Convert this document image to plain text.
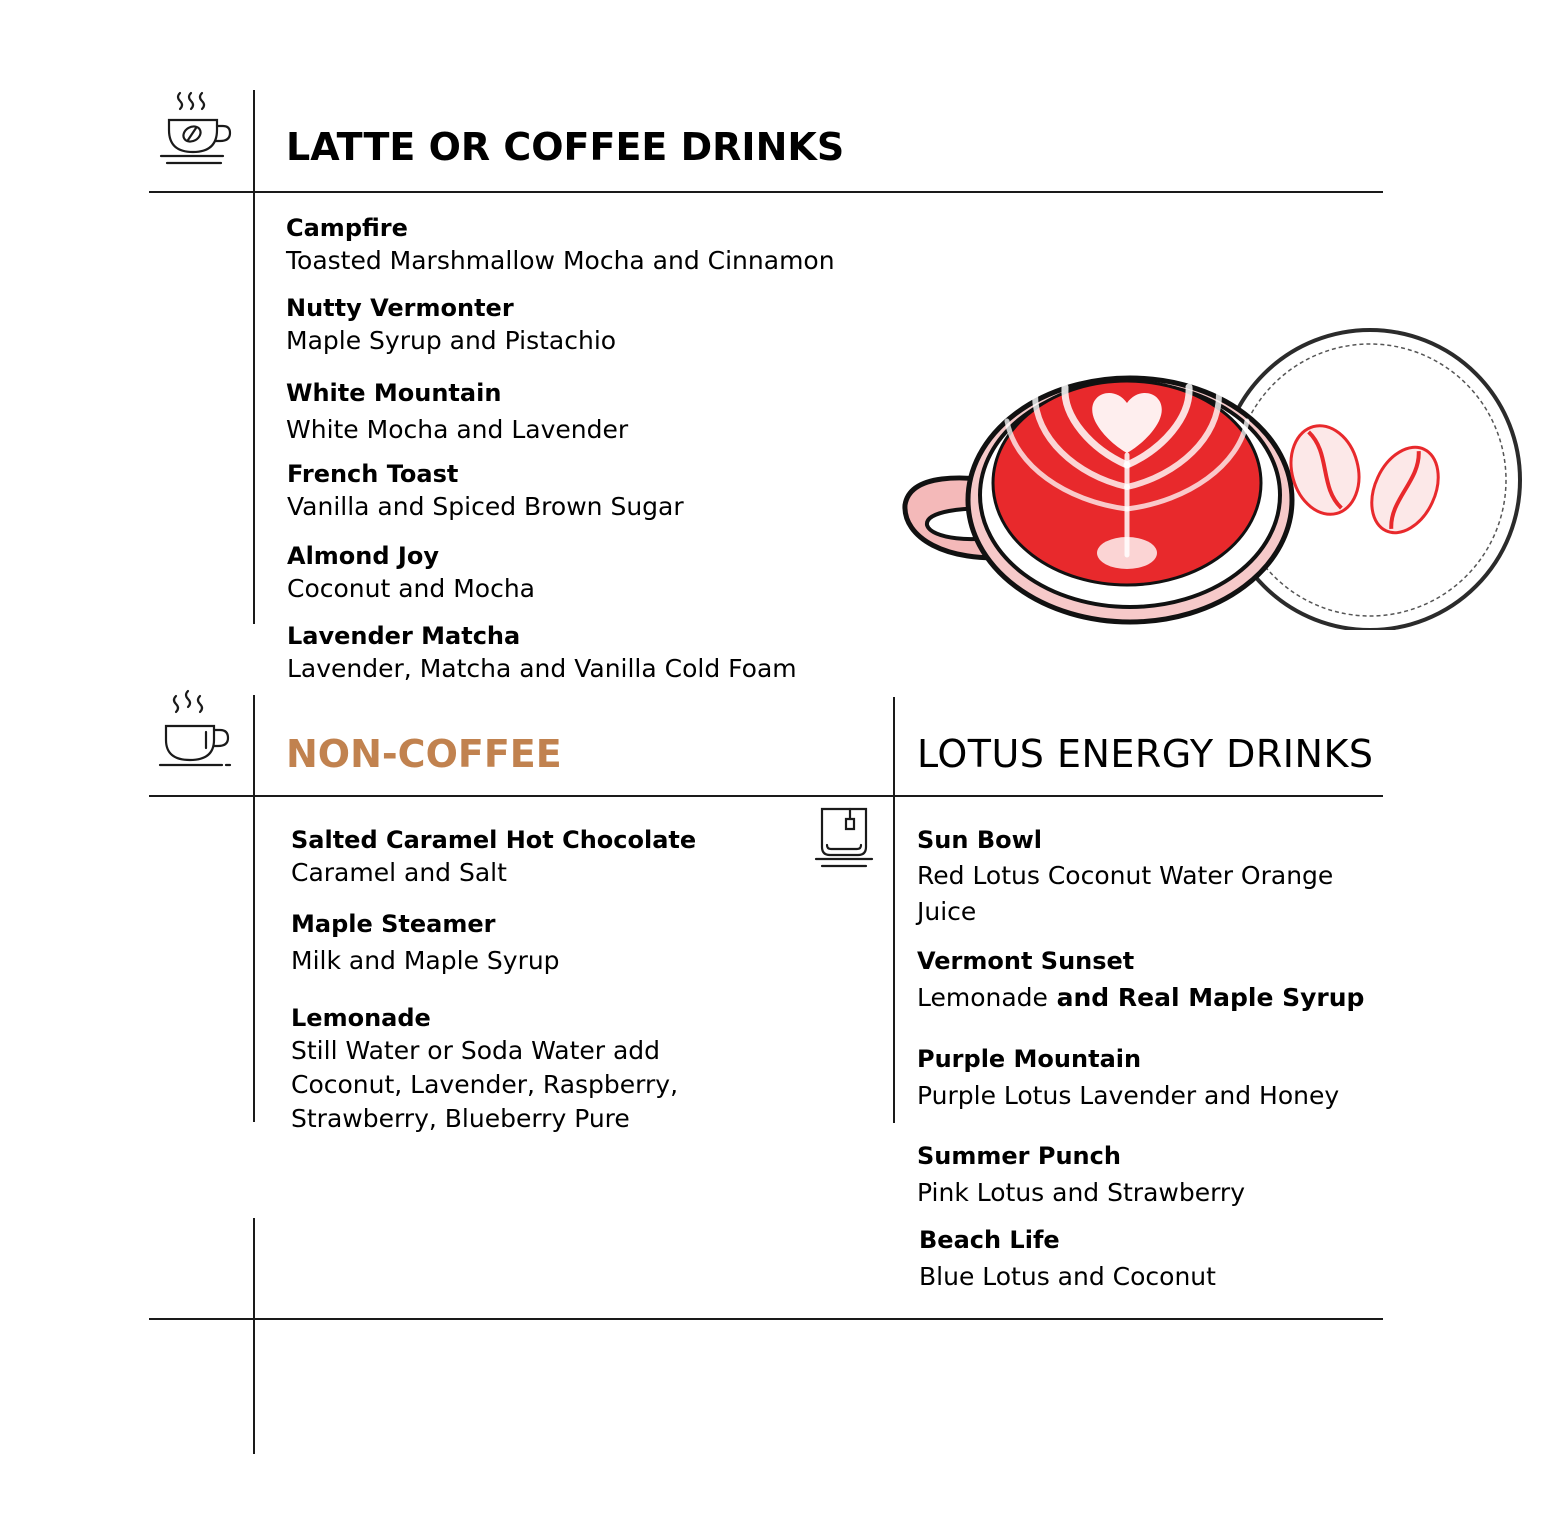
LATTE OR COFFEE DRINKS
Campfire
Toasted Marshmallow Mocha and Cinnamon
Nutty Vermonter
Maple Syrup and Pistachio
White Mountain
White Mocha and Lavender
French Toast
Vanilla and Spiced Brown Sugar
Almond Joy
Coconut and Mocha
Lavender Matcha
Lavender, Matcha and Vanilla Cold Foam
NON-COFFEE
Salted Caramel Hot Chocolate
Caramel and Salt
Maple Steamer
Milk and Maple Syrup
Lemonade
Still Water or Soda Water add Coconut, Lavender, Raspberry, Strawberry, Blueberry Pure
LOTUS ENERGY DRINKS
Sun Bowl
Red Lotus Coconut Water Orange Juice
Vermont Sunset
Lemonade and Real Maple Syrup
Purple Mountain
Purple Lotus Lavender and Honey
Summer Punch
Pink Lotus and Strawberry
Beach Life
Blue Lotus and Coconut
